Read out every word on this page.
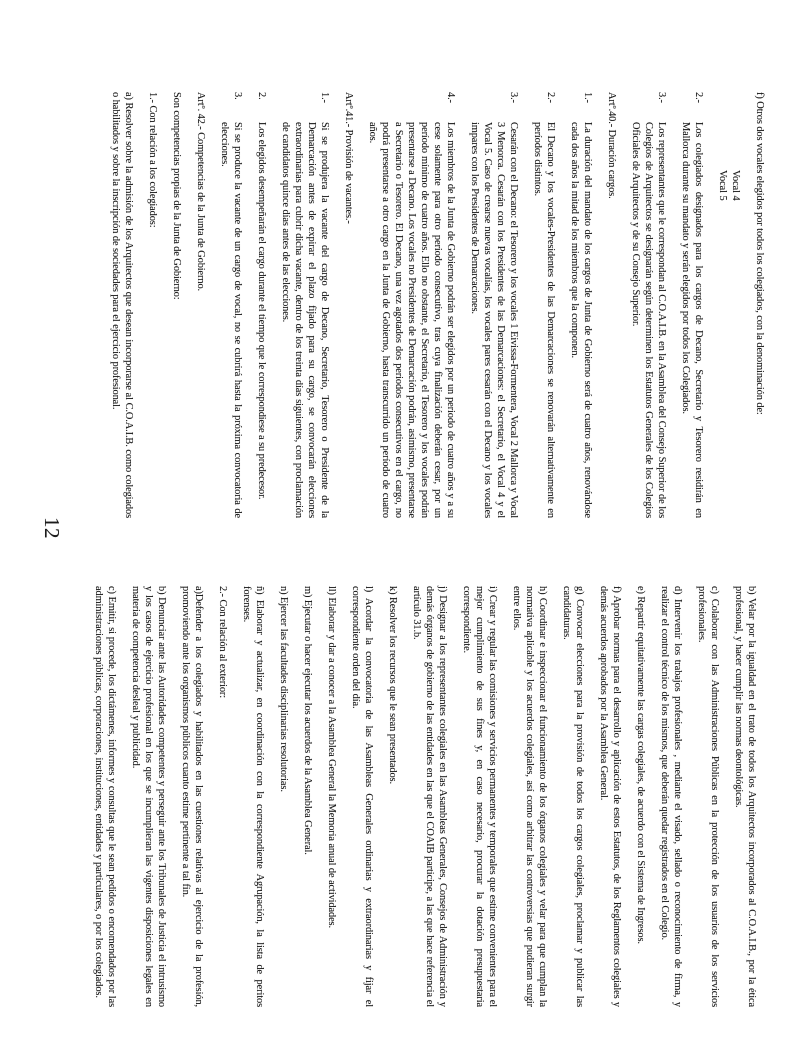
f) Otros dos vocales elegidos por todos los colegiados, con la denominación de:

Vocal 4
Vocal 5
2.-
Los colegiados designados para los cargos de Decano, Secretario y Tesorero residirán en Mallorca durante su mandato y serán elegidos por todos los Colegiados.
3.-
Los representantes que le correspondan al C.O.A.I.B. en la Asamblea del Consejo Superior de los Colegios de Arquitectos se designarán según determinen los Estatutos Generales de los Colegios Oficiales de Arquitectos y de su Consejo Superior.

Artº.40.- Duración cargos.

1.-
La duración del mandato de los cargos de Junta de Gobierno será de cuatro años, renovándose cada dos años la mitad de los miembros que la componen.
2.-
El Decano y los vocales-Presidentes de las Demarcaciones se renovarán alternativamente en períodos distintos.
3.-
Cesarán con el Decano: el Tesorero y los vocales 1 Eivissa-Formentera, Vocal 2 Mallorca y Vocal 3 Menorca. Cesarán con los Presidentes de las Demarcaciones: el Secretario, el Vocal 4 y el Vocal 5. Caso de crearse nuevas vocalías, los vocales pares cesarán con el Decano y los vocales impares con los Presidentes de Demarcaciones.
4.-
Los miembros de la Junta de Gobierno podrán ser elegidos por un periodo de cuatro años y a su cese solamente para otro periodo consecutivo, tras cuya finalización deberán cesar, por un período mínimo de cuatro años. Ello no obstante, el Secretario, el Tesorero y los vocales podrán presentarse a Decano. Los vocales no Presidentes de Demarcación podrán, asimismo, presentarse a Secretario o Tesorero. El Decano, una vez agotados dos periodos consecutivos en el cargo, no podrá presentarse a otro cargo en la Junta de Gobierno, hasta transcurrido un período de cuatro años.

Artº.41.- Provisión de vacantes.-

1.-
Si se produjera la vacante del cargo de Decano, Secretario, Tesorero o Presidente de la Demarcación antes de expirar el plazo fijado para su cargo, se convocarán elecciones extraordinarias para cubrir dicha vacante, dentro de los treinta días siguientes, con proclamación de candidatos quince días antes de las elecciones.
2.
Los elegidos desempeñarán el cargo durante el tiempo que le correspondiese a su predecesor.
3.
Si se produce la vacante de un cargo de vocal, no se cubrirá hasta la próxima convocatoria de elecciones.

Artº. 42.- Competencias de la Junta de Gobierno.

Son competencias propias de la Junta de Gobierno:

1.- Con relación a los colegiados:

a) Resolver sobre la admisión de los Arquitectos que desean incorporarse al C.O.A.I.B. como colegiados o habilitados y sobre la inscripción de sociedades para el ejercicio profesional.

b) Velar por la igualdad en el trato de todos los Arquitectos incorporados al C.O.A.I.B., por la ética profesional, y hacer cumplir las normas deontológicas.

c) Colaborar con las Administraciones Públicas en la protección de los usuarios de los servicios profesionales.

d) Intervenir los trabajos profesionales , mediante el visado, sellado o reconocimiento de firma, y realizar el control técnico de los mismos, que deberán quedar registrados en el Colegio.

e) Repartir equitativamente las cargas colegiales, de acuerdo con el Sistema de Ingresos.

f) Aprobar normas para el desarrollo y aplicación de estos Estatutos, de los Reglamentos colegiales y demás acuerdos aprobados por la Asamblea General.

g) Convocar elecciones para la provisión de todos los cargos colegiales, proclamar y publicar las candidaturas.

h) Coordinar e inspeccionar el funcionamiento de los órganos colegiales y velar para que cumplan la normativa aplicable y los acuerdos colegiales, así como arbitrar las controversias que pudieran surgir entre ellos.

i) Crear y regular las comisiones y servicios permanentes y temporales que estime convenientes para el mejor cumplimiento de sus fines y, en caso necesario, procurar la dotación presupuestaria correspondiente.

j) Designar a los representantes colegiales en las Asambleas Generales, Consejos de Administración y demás órganos de gobierno de las entidades en las que el COAIB participe, a las que hace referencia el artículo 31.b.

k) Resolver los recursos que le sean presentados.

l) Acordar la convocatoria de las Asambleas Generales ordinarias y extraordinarias y fijar el correspondiente orden del día.

ll) Elaborar y dar a conocer a la Asamblea General la Memoria anual de actividades.

m) Ejecutar o hacer ejecutar los acuerdos de la Asamblea General.

n) Ejercer las facultades disciplinarias resolutorias.

ñ) Elaborar y actualizar, en coordinación con la correspondiente Agrupación, la lista de peritos forenses.

2.- Con relación al exterior:

a)Defender a los colegiados y habilitados en las cuestiones relativas al ejercicio de la profesión, promoviendo ante los organismos públicos cuanto estime pertinente a tal fin.

b) Denunciar ante las Autoridades competentes y perseguir ante los Tribunales de Justicia el intrusismo y los casos de ejercicio profesional en los que se incumplieran las vigentes disposiciones legales en materia de competencia desleal y publicidad.

c) Emitir, si procede, los dictámenes, informes y consultas que le sean pedidos o encomendados por las administraciones públicas, corporaciones, instituciones, entidades y particulares, o por los colegiados.

12
